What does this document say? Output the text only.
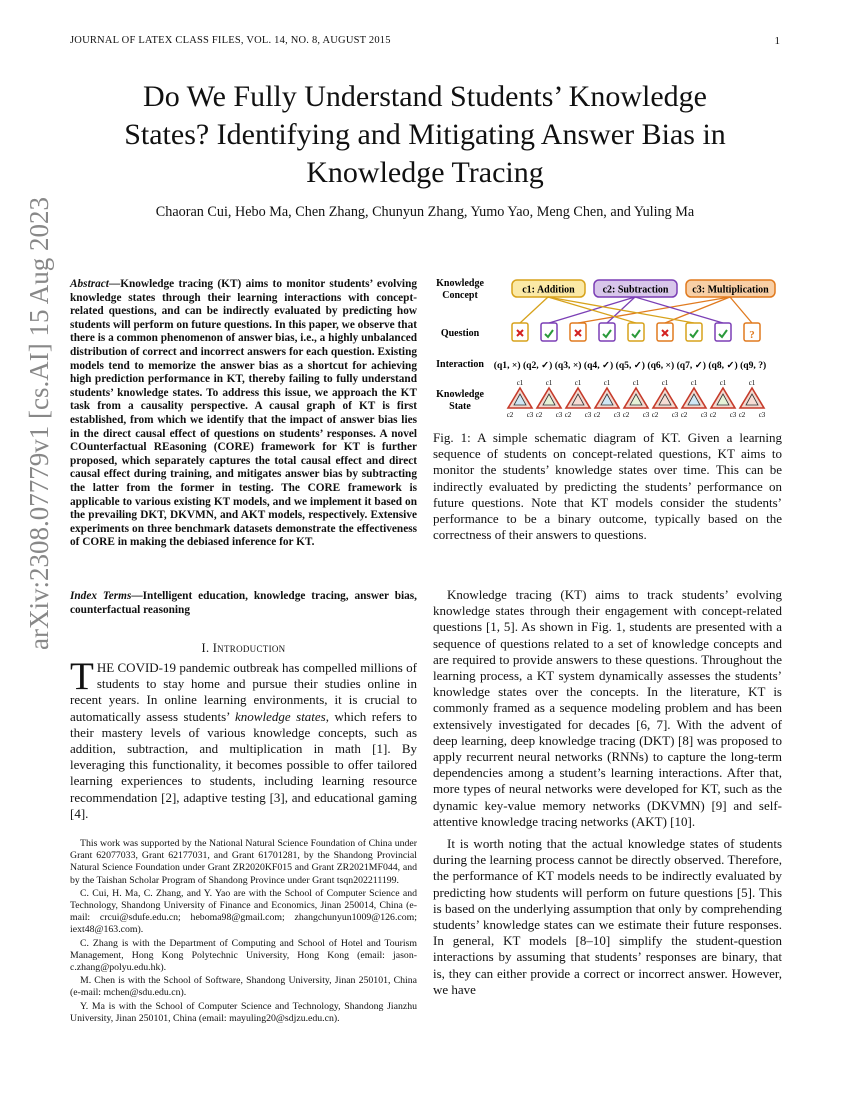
JOURNAL OF LATEX CLASS FILES, VOL. 14, NO. 8, AUGUST 2015	1
arXiv:2308.07779v1 [cs.AI] 15 Aug 2023
Do We Fully Understand Students’ Knowledge
States? Identifying and Mitigating Answer Bias in
Knowledge Tracing
Chaoran Cui, Hebo Ma, Chen Zhang, Chunyun Zhang, Yumo Yao, Meng Chen, and Yuling Ma
Abstract—Knowledge tracing (KT) aims to monitor students’ evolving knowledge states through their learning interactions with concept-related questions, and can be indirectly evaluated by predicting how students will perform on future questions. In this paper, we observe that there is a common phenomenon of answer bias, i.e., a highly unbalanced distribution of correct and incorrect answers for each question. Existing models tend to memorize the answer bias as a shortcut for achieving high prediction performance in KT, thereby failing to fully understand students’ knowledge states. To address this issue, we approach the KT task from a causality perspective. A causal graph of KT is first established, from which we identify that the impact of answer bias lies in the direct causal effect of questions on students’ responses. A novel COunterfactual REasoning (CORE) framework for KT is further proposed, which separately captures the total causal effect and direct causal effect during training, and mitigates answer bias by subtracting the latter from the former in testing. The CORE framework is applicable to various existing KT models, and we implement it based on the prevailing DKT, DKVMN, and AKT models, respectively. Extensive experiments on three benchmark datasets demonstrate the effectiveness of CORE in making the debiased inference for KT.
Index Terms—Intelligent education, knowledge tracing, answer bias, counterfactual reasoning
I. Introduction
THE COVID-19 pandemic outbreak has compelled millions of students to stay home and pursue their studies online in recent years. In online learning environments, it is crucial to automatically assess students’ knowledge states, which refers to their mastery levels of various knowledge concepts, such as addition, subtraction, and multiplication in math [1]. By leveraging this functionality, it becomes possible to offer tailored learning experiences to students, including learning resource recommendation [2], adaptive testing [3], and educational gaming [4].

This work was supported by the National Natural Science Foundation of China under Grant 62077033, Grant 62177031, and Grant 61701281, by the Shandong Provincial Natural Science Foundation under Grant ZR2020KF015 and Grant ZR2021MF044, and by the Taishan Scholar Program of Shandong Province under Grant tsqn202211199.

C. Cui, H. Ma, C. Zhang, and Y. Yao are with the School of Computer Science and Technology, Shandong University of Finance and Economics, Jinan 250014, China (e-mail: crcui@sdufe.edu.cn; heboma98@gmail.com; zhangchunyun1009@126.com; iext48@163.com).

C. Zhang is with the Department of Computing and School of Hotel and Tourism Management, Hong Kong Polytechnic University, Hong Kong (email: jason-c.zhang@polyu.edu.hk).

M. Chen is with the School of Software, Shandong University, Jinan 250101, China (e-mail: mchen@sdu.edu.cn).

Y. Ma is with the School of Computer Science and Technology, Shandong Jianzhu University, Jinan 250101, China (email: mayuling20@sdjzu.edu.cn).

Knowledge
Concept
Question
Interaction
Knowledge
State
c1: Addition	c2: Subtraction c3: Multiplication
?
(q1, ×) (q2, ✓) (q3, ×) (q4, ✓) (q5, ✓) (q6, ×) (q7, ✓) (q8, ✓) (q9, ?)
c1
c2 c3
c1
c2 c3
c1
c2 c3
c1
c2 c3
c1
c2 c3
c1
c2 c3
c1
c2 c3
c1
c2 c3
c1
c2 c3
Fig. 1: A simple schematic diagram of KT. Given a learning sequence of students on concept-related questions, KT aims to monitor the students’ knowledge states over time. This can be indirectly evaluated by predicting the students’ performance on future questions. Note that KT models consider the students’ performance to be a binary outcome, typically based on the correctness of their answers to questions.

Knowledge tracing (KT) aims to track students’ evolving knowledge states through their engagement with concept-related questions [1, 5]. As shown in Fig. 1, students are presented with a sequence of questions related to a set of knowledge concepts and are required to provide answers to these questions. Throughout the learning process, a KT system dynamically assesses the students’ knowledge states over the concepts. In the literature, KT is commonly framed as a sequence modeling problem and has been extensively investigated for decades [6, 7]. With the advent of deep learning, deep knowledge tracing (DKT) [8] was proposed to apply recurrent neural networks (RNNs) to capture the long-term dependencies among a student’s learning interactions. After that, more types of neural networks were developed for KT, such as the dynamic key-value memory networks (DKVMN) [9] and self-attentive knowledge tracing networks (AKT) [10].

It is worth noting that the actual knowledge states of students during the learning process cannot be directly observed. Therefore, the performance of KT models needs to be indirectly evaluated by predicting how students will perform on future questions [5]. This is based on the underlying assumption that only by comprehending students’ knowledge states can we estimate their future responses. In general, KT models [8–10] simplify the student-question interactions by assuming that students’ responses are binary, that is, they can either provide a correct or incorrect answer. However, we have
